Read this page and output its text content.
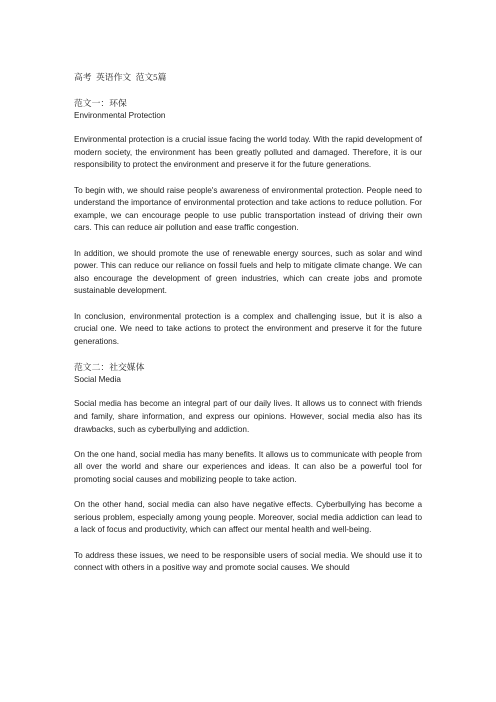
高考  英语作文  范文5篇
范文一：环保
Environmental Protection

Environmental protection is a crucial issue facing the world today. With the rapid development of modern society, the environment has been greatly polluted and damaged. Therefore, it is our responsibility to protect the environment and preserve it for the future generations.

To begin with, we should raise people's awareness of environmental protection. People need to understand the importance of environmental protection and take actions to reduce pollution. For example, we can encourage people to use public transportation instead of driving their own cars. This can reduce air pollution and ease traffic congestion.

In addition, we should promote the use of renewable energy sources, such as solar and wind power. This can reduce our reliance on fossil fuels and help to mitigate climate change. We can also encourage the development of green industries, which can create jobs and promote sustainable development.

In conclusion, environmental protection is a complex and challenging issue, but it is also a crucial one. We need to take actions to protect the environment and preserve it for the future generations.

范文二：社交媒体
Social Media

Social media has become an integral part of our daily lives. It allows us to connect with friends and family, share information, and express our opinions. However, social media also has its drawbacks, such as cyberbullying and addiction.

On the one hand, social media has many benefits. It allows us to communicate with people from all over the world and share our experiences and ideas. It can also be a powerful tool for promoting social causes and mobilizing people to take action.

On the other hand, social media can also have negative effects. Cyberbullying has become a serious problem, especially among young people. Moreover, social media addiction can lead to a lack of focus and productivity, which can affect our mental health and well-being.

To address these issues, we need to be responsible users of social media. We should use it to connect with others in a positive way and promote social causes. We should
